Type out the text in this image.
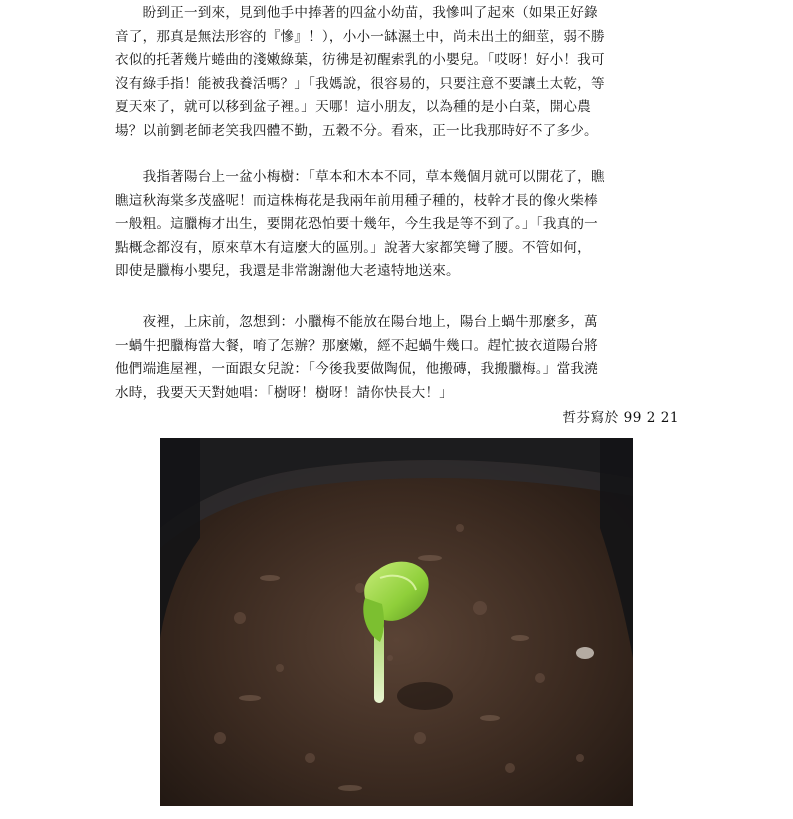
　　盼到正一到來，見到他手中捧著的四盆小幼苗，我慘叫了起來（如果正好錄
音了，那真是無法形容的『慘』！），小小一缽濕土中，尚未出土的細莖，弱不勝
衣似的托著幾片蜷曲的淺嫩綠葉，彷彿是初醒索乳的小嬰兒。「哎呀！好小！我可
沒有綠手指！能被我養活嗎？」「我媽說，很容易的，只要注意不要讓土太乾，等
夏天來了，就可以移到盆子裡。」天哪！這小朋友，以為種的是小白菜，開心農
場？以前劉老師老笑我四體不勤，五穀不分。看來，正一比我那時好不了多少。

　　我指著陽台上一盆小梅樹：「草本和木本不同，草本幾個月就可以開花了，瞧
瞧這秋海棠多茂盛呢！而這株梅花是我兩年前用種子種的，枝幹才長的像火柴棒
一般粗。這臘梅才出生，要開花恐怕要十幾年，今生我是等不到了。」「我真的一
點概念都沒有，原來草木有這麼大的區別。」說著大家都笑彎了腰。不管如何，
即使是臘梅小嬰兒，我還是非常謝謝他大老遠特地送來。

　　夜裡，上床前，忽想到：小臘梅不能放在陽台地上，陽台上蝸牛那麼多，萬
一蝸牛把臘梅當大餐，唷了怎辦？那麼嫩，經不起蝸牛幾口。趕忙披衣道陽台將
他們端進屋裡，一面跟女兒說：「今後我要做陶侃，他搬磚，我搬臘梅。」當我澆
水時，我要天天對她唱：「樹呀！樹呀！請你快長大！」

哲芬寫於 99 2 21
